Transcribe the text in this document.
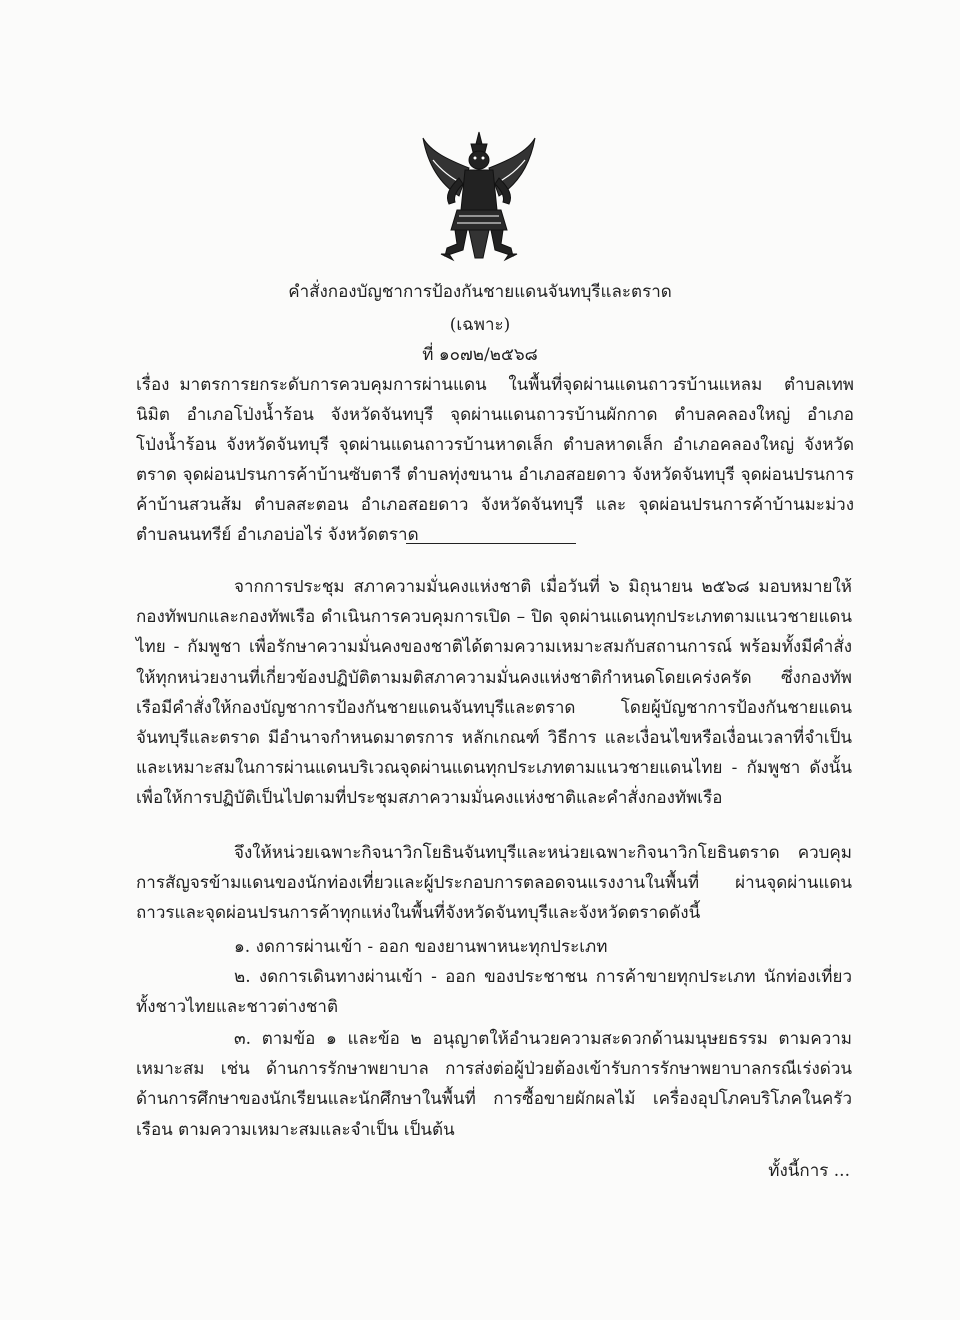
คำสั่งกองบัญชาการป้องกันชายแดนจันทบุรีและตราด
(เฉพาะ)
ที่ ๑๐๗๒/๒๕๖๘
เรื่อง มาตรการยกระดับการควบคุมการผ่านแดน ในพื้นที่จุดผ่านแดนถาวรบ้านแหลม ตำบลเทพนิมิต อำเภอโป่งน้ำร้อน จังหวัดจันทบุรี จุดผ่านแดนถาวรบ้านผักกาด ตำบลคลองใหญ่ อำเภอโป่งน้ำร้อน จังหวัดจันทบุรี จุดผ่านแดนถาวรบ้านหาดเล็ก ตำบลหาดเล็ก อำเภอคลองใหญ่ จังหวัดตราด จุดผ่อนปรนการค้าบ้านซับตารี ตำบลทุ่งขนาน อำเภอสอยดาว จังหวัดจันทบุรี จุดผ่อนปรนการค้าบ้านสวนส้ม ตำบลสะตอน อำเภอสอยดาว จังหวัดจันทบุรี และ จุดผ่อนปรนการค้าบ้านมะม่วง ตำบลนนทรีย์ อำเภอบ่อไร่ จังหวัดตราด

จากการประชุม สภาความมั่นคงแห่งชาติ เมื่อวันที่ ๖ มิถุนายน ๒๕๖๘ มอบหมายให้กองทัพบกและกองทัพเรือ ดำเนินการควบคุมการเปิด – ปิด จุดผ่านแดนทุกประเภทตามแนวชายแดนไทย - กัมพูชา เพื่อรักษาความมั่นคงของชาติได้ตามความเหมาะสมกับสถานการณ์ พร้อมทั้งมีคำสั่งให้ทุกหน่วยงานที่เกี่ยวข้องปฏิบัติตามมติสภาความมั่นคงแห่งชาติกำหนดโดยเคร่งครัด ซึ่งกองทัพเรือมีคำสั่งให้กองบัญชาการป้องกันชายแดนจันทบุรีและตราด โดยผู้บัญชาการป้องกันชายแดนจันทบุรีและตราด มีอำนาจกำหนดมาตรการ หลักเกณฑ์ วิธีการ และเงื่อนไขหรือเงื่อนเวลาที่จำเป็นและเหมาะสมในการผ่านแดนบริเวณจุดผ่านแดนทุกประเภทตามแนวชายแดนไทย - กัมพูชา ดังนั้นเพื่อให้การปฏิบัติเป็นไปตามที่ประชุมสภาความมั่นคงแห่งชาติและคำสั่งกองทัพเรือ

จึงให้หน่วยเฉพาะกิจนาวิกโยธินจันทบุรีและหน่วยเฉพาะกิจนาวิกโยธินตราด ควบคุมการสัญจรข้ามแดนของนักท่องเที่ยวและผู้ประกอบการตลอดจนแรงงานในพื้นที่ ผ่านจุดผ่านแดนถาวรและจุดผ่อนปรนการค้าทุกแห่งในพื้นที่จังหวัดจันทบุรีและจังหวัดตราดดังนี้

๑. งดการผ่านเข้า - ออก ของยานพาหนะทุกประเภท

๒. งดการเดินทางผ่านเข้า - ออก ของประชาชน การค้าขายทุกประเภท นักท่องเที่ยวทั้งชาวไทยและชาวต่างชาติ

๓. ตามข้อ ๑ และข้อ ๒ อนุญาตให้อำนวยความสะดวกด้านมนุษยธรรม ตามความเหมาะสม เช่น ด้านการรักษาพยาบาล การส่งต่อผู้ป่วยต้องเข้ารับการรักษาพยาบาลกรณีเร่งด่วน ด้านการศึกษาของนักเรียนและนักศึกษาในพื้นที่ การซื้อขายผักผลไม้ เครื่องอุปโภคบริโภคในครัวเรือน ตามความเหมาะสมและจำเป็น เป็นต้น

ทั้งนี้การ ...
